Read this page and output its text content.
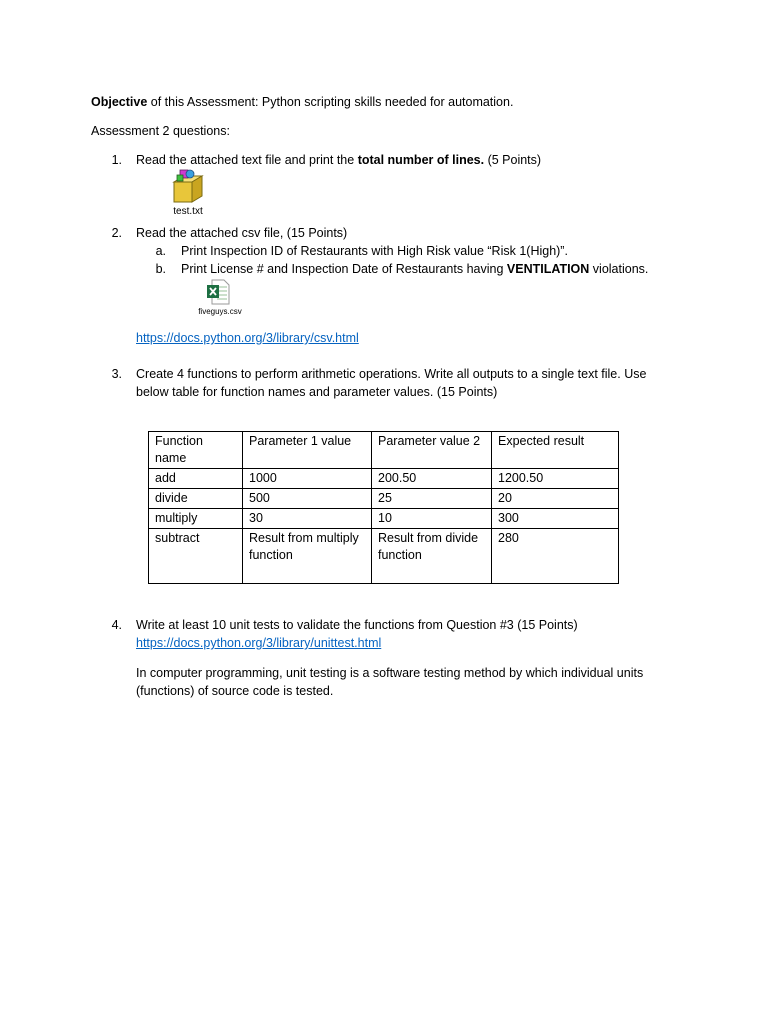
Objective of this Assessment: Python scripting skills needed for automation.
Assessment 2 questions:
1. Read the attached text file and print the total number of lines. (5 Points)
test.txt
2. Read the attached csv file, (15 Points)
a. Print Inspection ID of Restaurants with High Risk value “Risk 1(High)”.
b. Print License # and Inspection Date of Restaurants having VENTILATION violations.
fiveguys.csv
https://docs.python.org/3/library/csv.html
3. Create 4 functions to perform arithmetic operations. Write all outputs to a single text file. Use
below table for function names and parameter values. (15 Points)
Function name	Parameter 1 value	Parameter value 2	Expected result
add	1000	200.50	1200.50
divide	500	25	20
multiply	30	10	300
subtract	Result from multiply function	Result from divide function	280
4. Write at least 10 unit tests to validate the functions from Question #3 (15 Points)
https://docs.python.org/3/library/unittest.html
In computer programming, unit testing is a software testing method by which individual units
(functions) of source code is tested.
